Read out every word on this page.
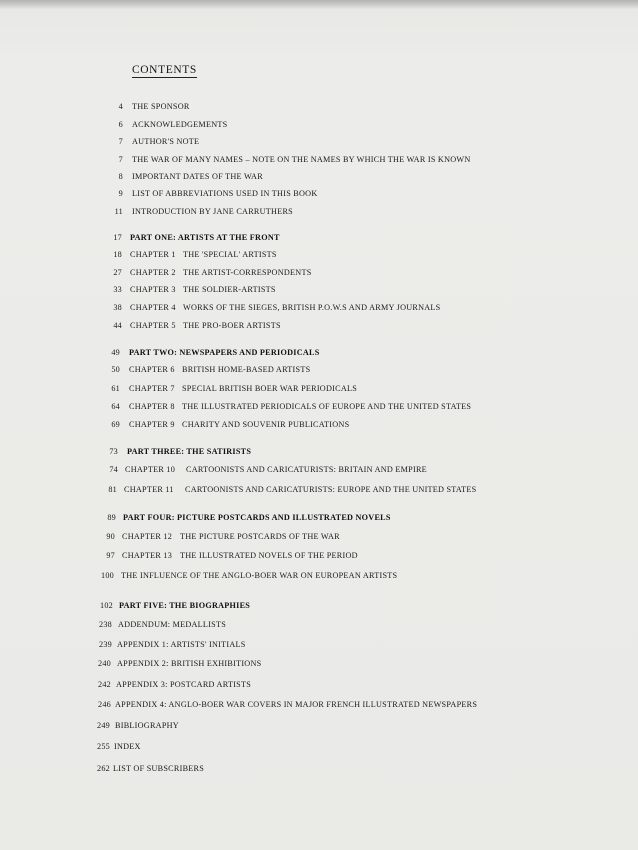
CONTENTS
4 THE SPONSOR
6 ACKNOWLEDGEMENTS
7 AUTHOR'S NOTE
7 THE WAR OF MANY NAMES – NOTE ON THE NAMES BY WHICH THE WAR IS KNOWN
8 IMPORTANT DATES OF THE WAR
9 LIST OF ABBREVIATIONS USED IN THIS BOOK
11 INTRODUCTION BY JANE CARRUTHERS
17 PART ONE: ARTISTS AT THE FRONT
18 CHAPTER 1 THE 'SPECIAL' ARTISTS
27 CHAPTER 2 THE ARTIST-CORRESPONDENTS
33 CHAPTER 3 THE SOLDIER-ARTISTS
38 CHAPTER 4 WORKS OF THE SIEGES, BRITISH P.O.W.S AND ARMY JOURNALS
44 CHAPTER 5 THE PRO-BOER ARTISTS
49 PART TWO: NEWSPAPERS AND PERIODICALS
50 CHAPTER 6 BRITISH HOME-BASED ARTISTS
61 CHAPTER 7 SPECIAL BRITISH BOER WAR PERIODICALS
64 CHAPTER 8 THE ILLUSTRATED PERIODICALS OF EUROPE AND THE UNITED STATES
69 CHAPTER 9 CHARITY AND SOUVENIR PUBLICATIONS
73 PART THREE: THE SATIRISTS
74 CHAPTER 10 CARTOONISTS AND CARICATURISTS: BRITAIN AND EMPIRE
81 CHAPTER 11 CARTOONISTS AND CARICATURISTS: EUROPE AND THE UNITED STATES
89 PART FOUR: PICTURE POSTCARDS AND ILLUSTRATED NOVELS
90 CHAPTER 12 THE PICTURE POSTCARDS OF THE WAR
97 CHAPTER 13 THE ILLUSTRATED NOVELS OF THE PERIOD
100 THE INFLUENCE OF THE ANGLO-BOER WAR ON EUROPEAN ARTISTS
102 PART FIVE: THE BIOGRAPHIES
238 ADDENDUM: MEDALLISTS
239 APPENDIX 1: ARTISTS' INITIALS
240 APPENDIX 2: BRITISH EXHIBITIONS
242 APPENDIX 3: POSTCARD ARTISTS
246 APPENDIX 4: ANGLO-BOER WAR COVERS IN MAJOR FRENCH ILLUSTRATED NEWSPAPERS
249 BIBLIOGRAPHY
255 INDEX
262 LIST OF SUBSCRIBERS
